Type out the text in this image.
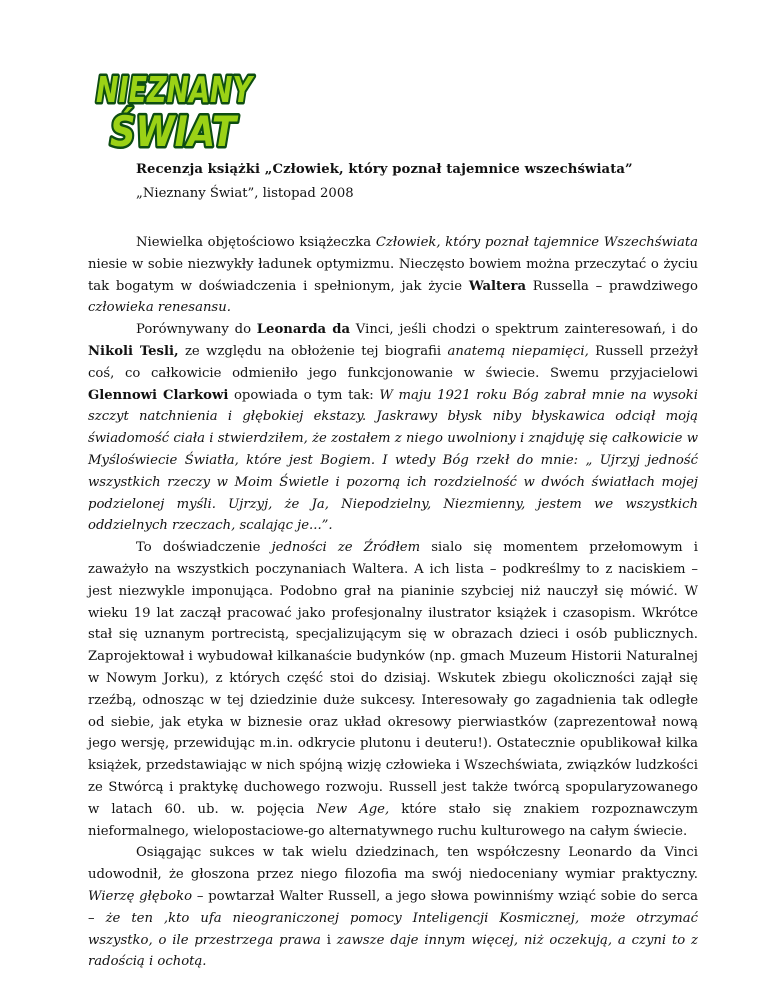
NIEZNANY
ŚWIAT
Recenzja książki „Człowiek, który poznał tajemnice wszechświata”
„Nieznany Świat”, listopad 2008

Niewielka objętościowo książeczka Człowiek, który poznał tajemnice Wszechświata niesie w sobie niezwykły ładunek optymizmu. Nieczęsto bowiem można przeczytać o życiu tak bogatym w doświadczenia i spełnionym, jak życie Waltera Russella – prawdziwego człowieka renesansu.

Porównywany do Leonarda da Vinci, jeśli chodzi o spektrum zainteresowań, i do Nikoli Tesli, ze względu na obłożenie tej biografii anatemą niepamięci, Russell przeżył coś, co całkowicie odmieniło jego funkcjonowanie w świecie. Swemu przyjacielowi Glennowi Clarkowi opowiada o tym tak: W maju 1921 roku Bóg zabrał mnie na wysoki szczyt natchnienia i głębokiej ekstazy. Jaskrawy błysk niby błyskawica odciął moją świadomość ciała i stwierdziłem, że zostałem z niego uwolniony i znajduję się całkowicie w Myśloświecie Światła, które jest Bogiem. I wtedy Bóg rzekł do mnie: „ Ujrzyj jedność wszystkich rzeczy w Moim Świetle i pozorną ich rozdzielność w dwóch światłach mojej podzielonej myśli. Ujrzyj, że Ja, Niepodzielny, Niezmienny, jestem we wszystkich oddzielnych rzeczach, scalając je...”.

To doświadczenie jedności ze Źródłem sialo się momentem przełomowym i zaważyło na wszystkich poczynaniach Waltera. A ich lista – podkreślmy to z naciskiem – jest niezwykle imponująca. Podobno grał na pianinie szybciej niż nauczył się mówić. W wieku 19 lat zaczął pracować jako profesjonalny ilustrator książek i czasopism. Wkrótce stał się uznanym portrecistą, specjalizującym się w obrazach dzieci i osób publicznych. Zaprojektował i wybudował kilkanaście budynków (np. gmach Muzeum Historii Naturalnej w Nowym Jorku), z których część stoi do dzisiaj. Wskutek zbiegu okoliczności zajął się rzeźbą, odnosząc w tej dziedzinie duże sukcesy. Interesowały go zagadnienia tak odległe od siebie, jak etyka w biznesie oraz układ okresowy pierwiastków (zaprezentował nową jego wersję, przewidując m.in. odkrycie plutonu i deuteru!). Ostatecznie opublikował kilka książek, przedstawiając w nich spójną wizję człowieka i Wszechświata, związków ludzkości ze Stwórcą i praktykę duchowego rozwoju. Russell jest także twórcą spopularyzowanego w latach 60. ub. w. pojęcia New Age, które stało się znakiem rozpoznawczym nieformalnego, wielopostaciowe-go alternatywnego ruchu kulturowego na całym świecie.

Osiągając sukces w tak wielu dziedzinach, ten współczesny Leonardo da Vinci udowodnił, że głoszona przez niego filozofia ma swój niedoceniany wymiar praktyczny. Wierzę głęboko – powtarzał Walter Russell, a jego słowa powinniśmy wziąć sobie do serca – że ten ,kto ufa nieograniczonej pomocy Inteligencji Kosmicznej, może otrzymać wszystko, o ile przestrzega prawa i zawsze daje innym więcej, niż oczekują, a czyni to z radością i ochotą.
